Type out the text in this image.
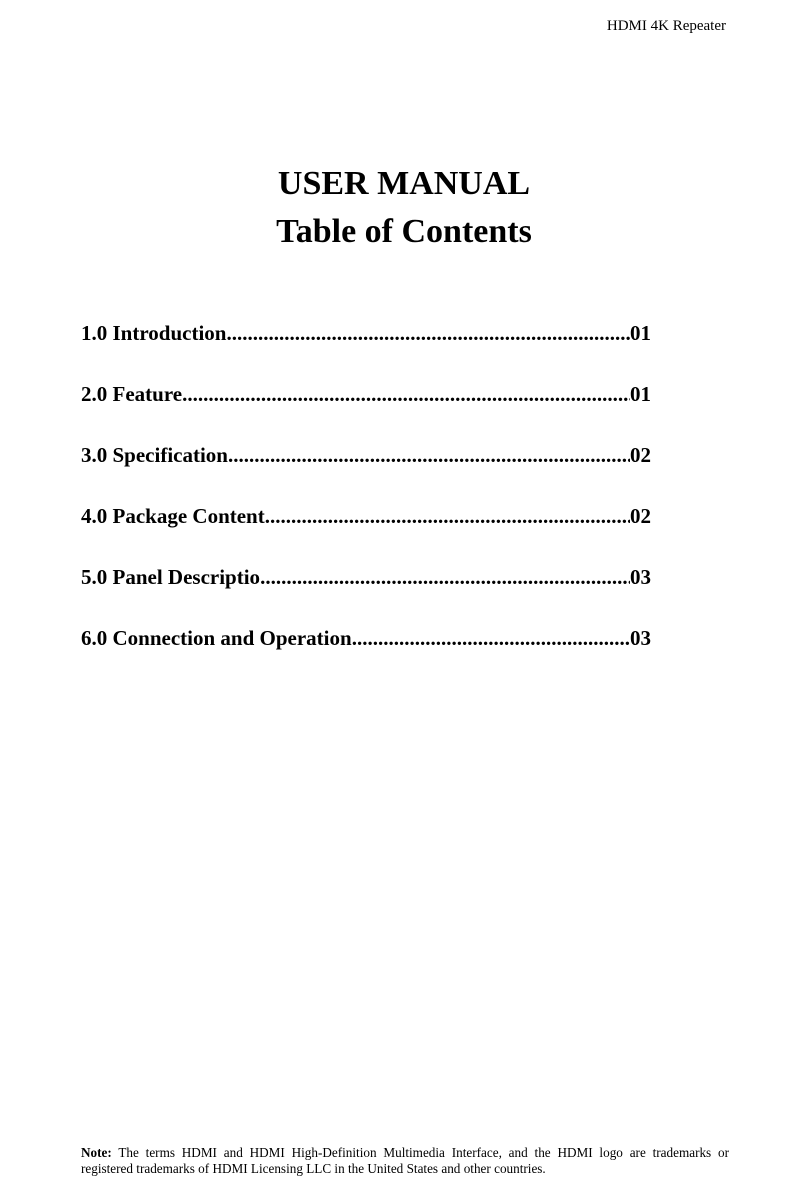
HDMI 4K Repeater
USER MANUAL
Table of Contents
1.0 Introduction .....	01
2.0 Feature .....	01
3.0 Specification .....	02
4.0 Package Content .....	02
5.0 Panel Descriptio .....	03
6.0 Connection and Operation .....	03
Note: The terms HDMI and HDMI High-Definition Multimedia Interface, and the HDMI logo are trademarks or registered trademarks of HDMI Licensing LLC in the United States and other countries.
